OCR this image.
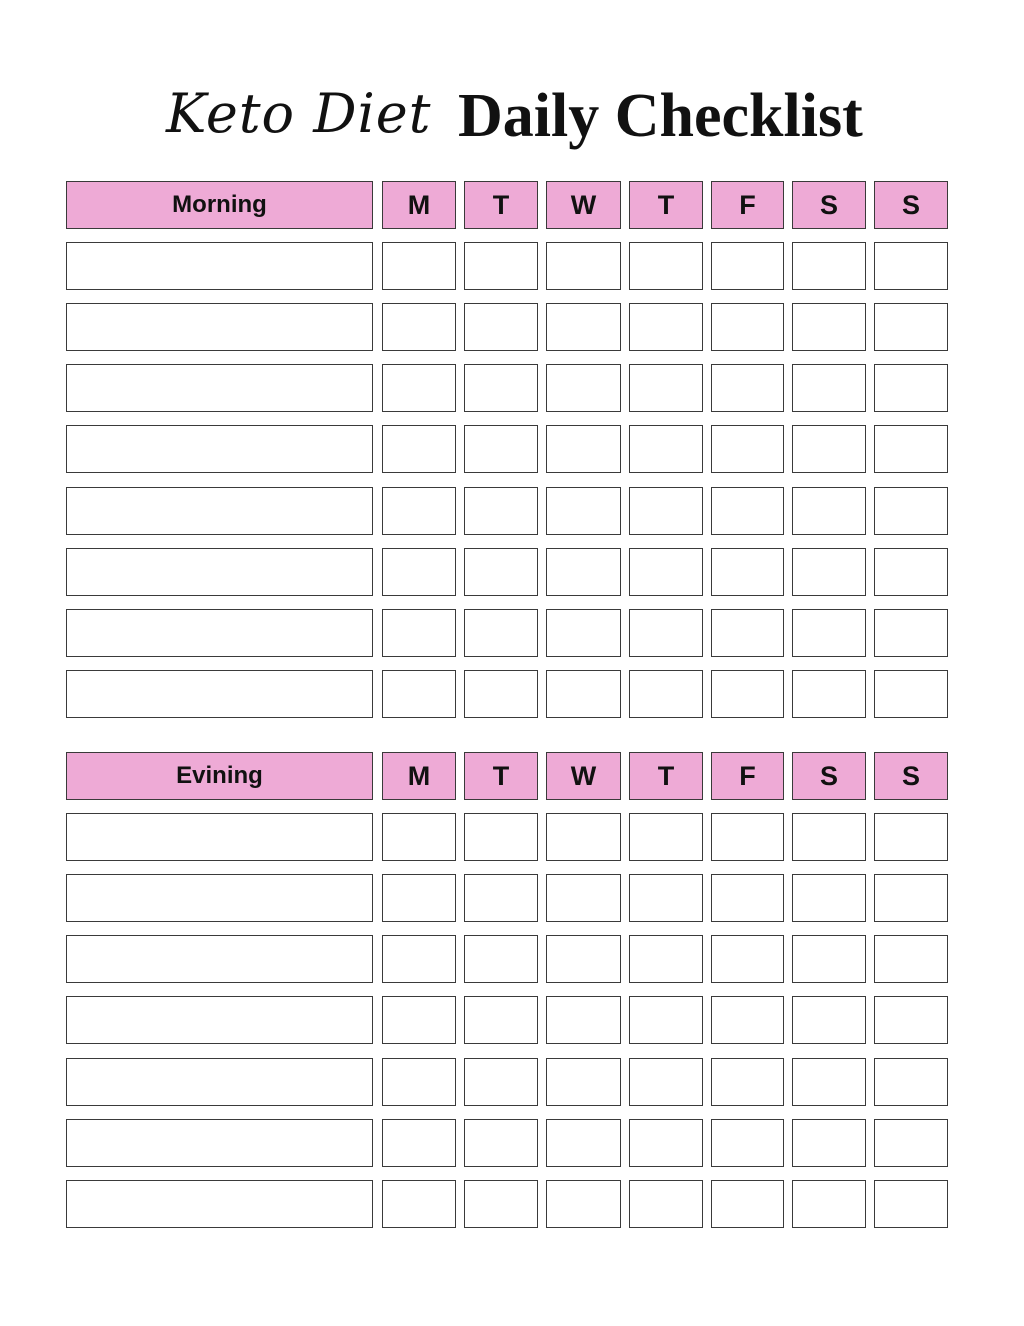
Keto Diet Daily Checklist
Morning	M	T	W	T	F	S	S
Evining	M	T	W	T	F	S	S
